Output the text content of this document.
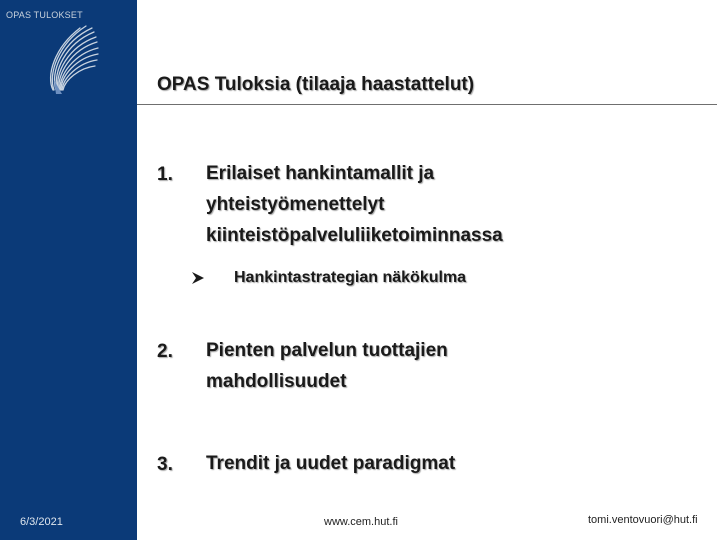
OPAS TULOKSET
6/3/2021
OPAS Tuloksia (tilaaja haastattelut)
1. Erilaiset hankintamallit ja
yhteistyömenettelyt
kiinteistöpalveluliiketoiminnassa
Hankintastrategian näkökulma
2. Pienten palvelun tuottajien
mahdollisuudet
3. Trendit ja uudet paradigmat
www.cem.hut.fi	tomi.ventovuori@hut.fi
